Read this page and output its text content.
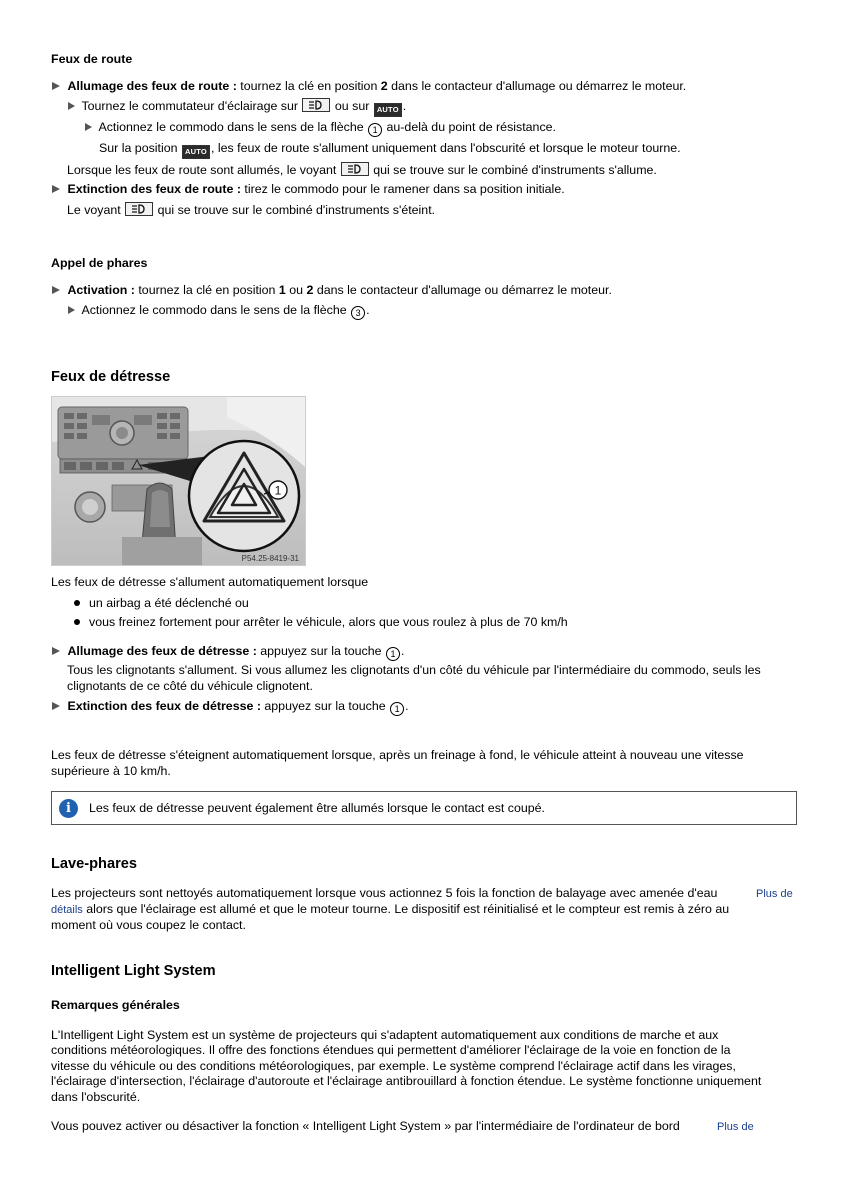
Feux de route
Allumage des feux de route : tournez la clé en position 2 dans le contacteur d'allumage ou démarrez le moteur.
Tournez le commutateur d'éclairage sur
ou sur AUTO .
Actionnez le commodo dans le sens de la flèche 1 au-delà du point de résistance.
Sur la position AUTO , les feux de route s'allument uniquement dans l'obscurité et lorsque le moteur tourne.
Lorsque les feux de route sont allumés, le voyant
qui se trouve sur le combiné d'instruments s'allume.
Extinction des feux de route : tirez le commodo pour le ramener dans sa position initiale.
Le voyant
qui se trouve sur le combiné d'instruments s'éteint.
Appel de phares
Activation : tournez la clé en position 1 ou 2 dans le contacteur d'allumage ou démarrez le moteur.
Actionnez le commodo dans le sens de la flèche 3 .
Feux de détresse
1
P54.25-8419-31
Les feux de détresse s'allument automatiquement lorsque
un airbag a été déclenché ou
vous freinez fortement pour arrêter le véhicule, alors que vous roulez à plus de 70 km/h
Allumage des feux de détresse : appuyez sur la touche 1 .
Tous les clignotants s'allument. Si vous allumez les clignotants d'un côté du véhicule par l'intermédiaire du commodo, seuls les
clignotants de ce côté du véhicule clignotent.
Extinction des feux de détresse : appuyez sur la touche 1 .
Les feux de détresse s'éteignent automatiquement lorsque, après un freinage à fond, le véhicule atteint à nouveau une vitesse
supérieure à 10 km/h.
i	Les feux de détresse peuvent également être allumés lorsque le contact est coupé.
Lave-phares
Les projecteurs sont nettoyés automatiquement lorsque vous actionnez 5 fois la fonction de balayage avec amenée d'eau	Plus de
détails alors que l'éclairage est allumé et que le moteur tourne. Le dispositif est réinitialisé et le compteur est remis à zéro au
moment où vous coupez le contact.
Intelligent Light System
Remarques générales
L'Intelligent Light System est un système de projecteurs qui s'adaptent automatiquement aux conditions de marche et aux
conditions météorologiques. Il offre des fonctions étendues qui permettent d'améliorer l'éclairage de la voie en fonction de la
vitesse du véhicule ou des conditions météorologiques, par exemple. Le système comprend l'éclairage actif dans les virages,
l'éclairage d'intersection, l'éclairage d'autoroute et l'éclairage antibrouillard à fonction étendue. Le système fonctionne uniquement
dans l'obscurité.
Vous pouvez activer ou désactiver la fonction « Intelligent Light System » par l'intermédiaire de l'ordinateur de bord	Plus de
